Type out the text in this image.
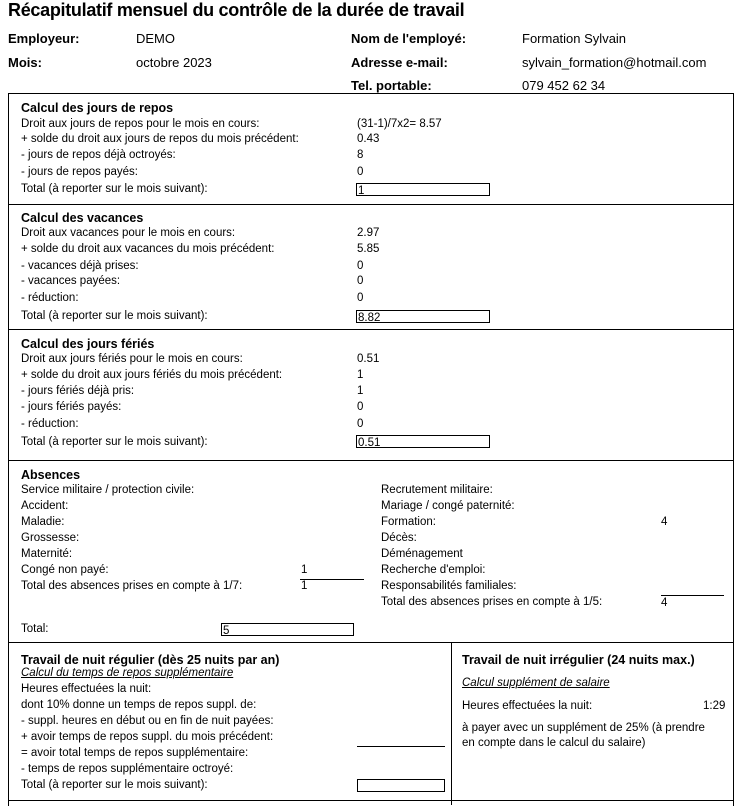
Récapitulatif mensuel du contrôle de la durée de travail
Employeur:	DEMO
Mois:	octobre 2023
Nom de l'employé:	Formation Sylvain
Adresse e-mail:	sylvain_formation@hotmail.com
Tel. portable:	079 452 62 34
Calcul des jours de repos
Droit aux jours de repos pour le mois en cours:	(31-1)/7x2= 8.57
+ solde du droit aux jours de repos du mois précédent:	0.43
- jours de repos déjà octroyés:	8
- jours de repos payés:	0
Total (à reporter sur le mois suivant):	1
Calcul des vacances
Droit aux vacances pour le mois en cours:	2.97
+ solde du droit aux vacances du mois précédent:	5.85
- vacances déjà prises:	0
- vacances payées:	0
- réduction:	0
Total (à reporter sur le mois suivant):	8.82
Calcul des jours fériés
Droit aux jours fériés pour le mois en cours:	0.51
+ solde du droit aux jours fériés du mois précédent:	1
- jours fériés déjà pris:	1
- jours fériés payés:	0
- réduction:	0
Total (à reporter sur le mois suivant):	0.51
Absences
Service militaire / protection civile:
Accident:
Maladie:
Grossesse:
Maternité:
Congé non payé:	1
Total des absences prises en compte à 1/7:	1
Recrutement militaire:
Mariage / congé paternité:
Formation:	4
Décès:
Déménagement
Recherche d'emploi:
Responsabilités familiales:
Total des absences prises en compte à 1/5:	4
Total:	5
Travail de nuit régulier (dès 25 nuits par an)
Calcul du temps de repos supplémentaire
Heures effectuées la nuit:
dont 10% donne un temps de repos suppl. de:
- suppl. heures en début ou en fin de nuit payées:
+ avoir temps de repos suppl. du mois précédent:
= avoir total temps de repos supplémentaire:
- temps de repos supplémentaire octroyé:
Total (à reporter sur le mois suivant):
Travail de nuit irrégulier (24 nuits max.)
Calcul supplément de salaire
Heures effectuées la nuit:	1:29
à payer avec un supplément de 25% (à prendre
en compte dans le calcul du salaire)
